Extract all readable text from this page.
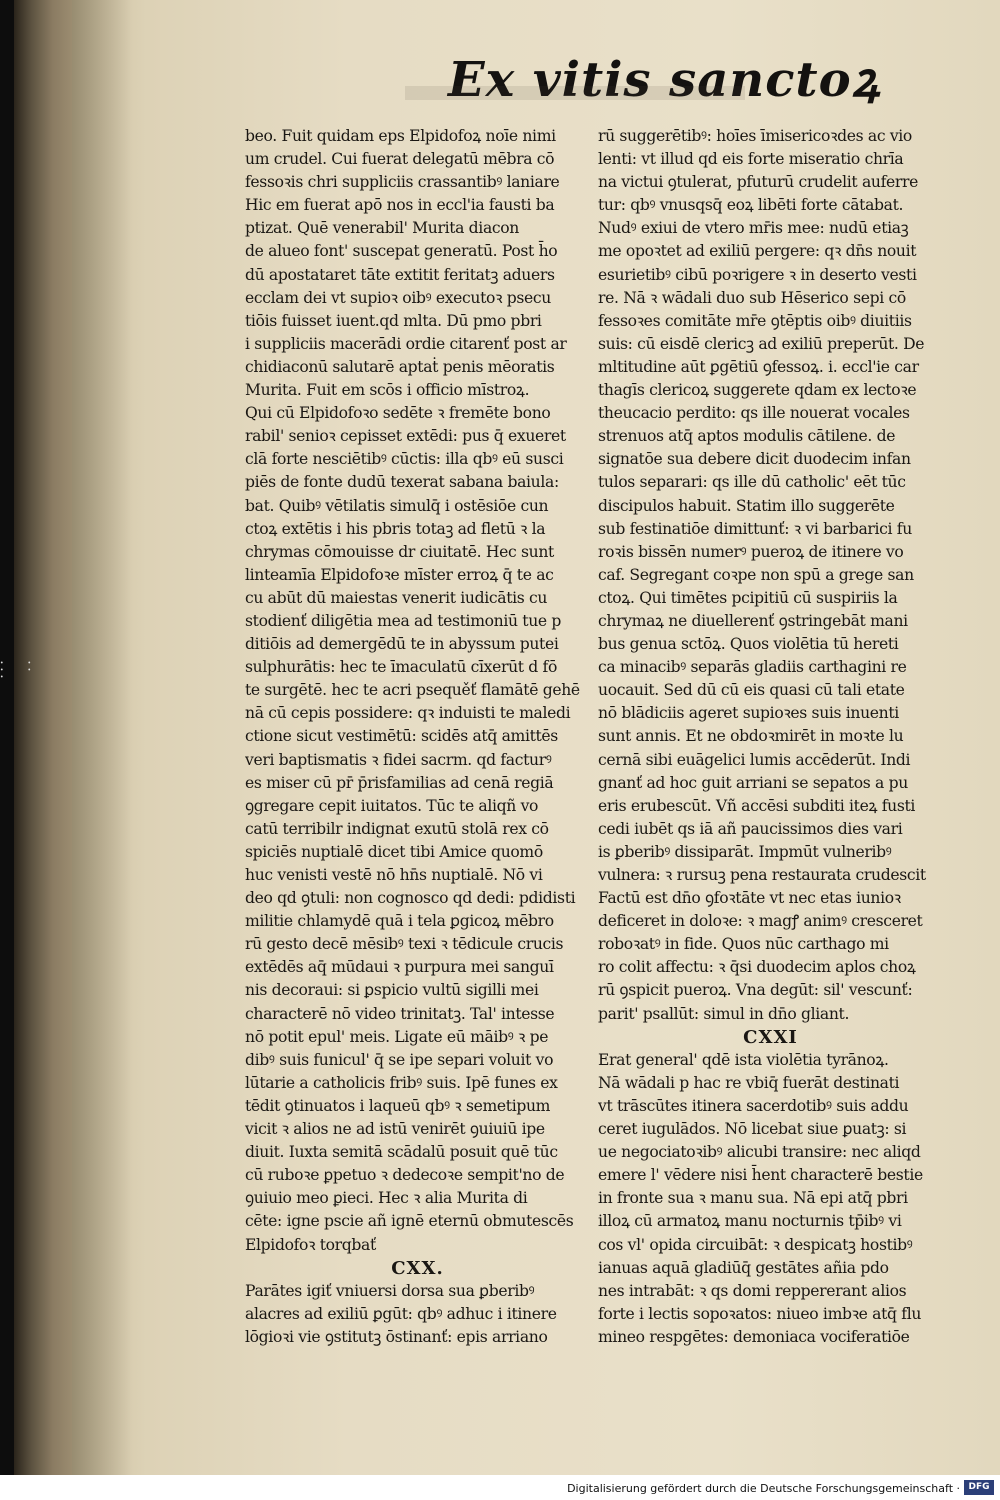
• • • • •
Ex vitis sanctoꝝ
beo. Fuit quidam eps Elpidofoꝝ noīe nimi
um crudel. Cui fuerat delegatū mēbra cō
fessoꝛis chri suppliciis crassantibꝰ laniare
Hic em fuerat apō nos in eccl'ia fausti ba
ptizat. Quē venerabil' Murita diacon
de alueo font' suscepat generatū. Post h̄o
dū apostataret tāte extitit feritatꝫ aduers
ecclam dei vt supioꝛ oibꝰ executoꝛ psecu
tiōis fuisset iuent.qd mlta. Dū pmo pbri
i suppliciis macerādi ordie citarenť post ar
chidiaconū salutarē aptaṫ penis mēoratis
Murita. Fuit em scōs i officio mīstroꝝ.
Qui cū Elpidofoꝛo sedēte ꝛ fremēte bono
rabil' senioꝛ cepisset extēdi: pus q̄ exueret
clā forte nesciētibꝰ cūctis: illa qbꝰ eū susci
piēs de fonte dudū texerat sabana baiula:
bat. Quibꝰ vētilatis simulq̄ i ostēsiōe cun
ctoꝝ extētis i his pbris totaꝫ ad fletū ꝛ la
chrymas cōmouisse dr ciuitatē. Hec sunt
linteamīa Elpidofoꝛe mīster erroꝝ q̄ te ac
cu abūt dū maiestas venerit iudicātis cu
stodienť diligētia mea ad testimoniū tue p
ditiōis ad demergēdū te in abyssum putei
sulphurātis: hec te īmaculatū cīxerūt d fō
te surgētē. hec te acri psequěť flamātē gehē
nā cū cepis possidere: qꝛ induisti te maledi
ctione sicut vestimētū: scidēs atq̄ amittēs
veri baptismatis ꝛ fidei sacrm. qd facturꝰ
es miser cū pr̄ p̄risfamilias ad cenā regiā
ꝯgregare cepit iuitatos. Tūc te aliqñ vo
catū terribilr indignat exutū stolā rex cō
spiciēs nuptialē dicet tibi Amice quomō
huc venisti vestē nō hn̄s nuptialē. Nō vi
deo qd ꝯtuli: non cognosco qd dedi: pdidisti
militie chlamydē quā i tela ꝑgicoꝝ mēbro
rū gesto decē mēsibꝰ texi ꝛ tēdicule crucis
extēdēs aq̄ mūdaui ꝛ purpura mei sanguī
nis decoraui: si ꝑspicio vultū sigilli mei
characterē nō video trinitatꝫ. Tal' intesse
nō potit epul' meis. Ligate eū māibꝰ ꝛ pe
dibꝰ suis funicul' q̄ se ipe separi voluit vo
lūtarie a catholicis fribꝰ suis. Ipē funes ex
tēdit ꝯtinuatos i laqueū qbꝰ ꝛ semetipum
vicit ꝛ alios ne ad istū venirēt ꝯuiuiū ipe
diuit. Iuxta semitā scādalū posuit quē tūc
cū ruboꝛe ꝑpetuo ꝛ dedecoꝛe sempit'no de
ꝯuiuio meo ꝑieci. Hec ꝛ alia Murita di
cēte: igne pscie añ ignē eternū obmutescēs
Elpidofoꝛ torqbať
CXX.
Parātes igiť vniuersi dorsa sua ꝑberibꝰ
alacres ad exiliū ꝑgūt: qbꝰ adhuc i itinere
lōgioꝛi vie ꝯstitutꝫ ōstinanť: epis arriano
rū suggerētibꝰ: hoīes īmisericoꝛdes ac vio
lenti: vt illud qd eis forte miseratio chrīa
na victui ꝯtulerat, pfuturū crudelit auferre
tur: qbꝰ vnusqsq̄ eoꝝ libēti forte cātabat.
Nudꝰ exiui de vtero mr̄is mee: nudū etiaꝫ
me opoꝛtet ad exiliū pergere: qꝛ dn̄s nouit
esurietibꝰ cibū poꝛrigere ꝛ in deserto vesti
re. Nā ꝛ wādali duo sub Hēserico sepi cō
fessoꝛes comitāte mr̄e ꝯtēptis oibꝰ diuitiis
suis: cū eisdē clericꝫ ad exiliū preperūt. De
mltitudine aūt ꝑgētiū ꝯfessoꝝ. i. eccl'ie car
thagīs clericoꝝ suggerete qdam ex lectoꝛe
theucacio perdito: qs ille nouerat vocales
strenuos atq̄ aptos modulis cātilene. de
signatōe sua debere dicit duodecim infan
tulos separari: qs ille dū catholic' eēt tūc
discipulos habuit. Statim illo suggerēte
sub festinatiōe dimittunť: ꝛ vi barbarici fu
roꝛis bissēn numerꝰ pueroꝝ de itinere vo
caf. Segregant coꝛpe non spū a grege san
ctoꝝ. Qui timētes pcipitiū cū suspiriis la
chrymaꝝ ne diuellerenť ꝯstringebāt mani
bus genua sctōꝝ. Quos violētia tū hereti
ca minacibꝰ separās gladiis carthagini re
uocauit. Sed dū cū eis quasi cū tali etate
nō blādiciis ageret supioꝛes suis inuenti
sunt annis. Et ne obdoꝛmirēt in moꝛte lu
cernā sibi euāgelici lumis accēderūt. Indi
gnanť ad hoc guit arriani se sepatos a pu
eris erubescūt. Vñ accēsi subditi iteꝝ fusti
cedi iubēt qs iā añ paucissimos dies vari
is ꝑberibꝰ dissiparāt. Impmūt vulneribꝰ
vulnera: ꝛ rursuꝫ pena restaurata crudescit
Factū est dn̄o ꝯfoꝛtāte vt nec etas iunioꝛ
deficeret in doloꝛe: ꝛ magꝭ animꝰ cresceret
roboꝛatꝰ in fide. Quos nūc carthago mi
ro colit affectu: ꝛ q̄si duodecim aplos choꝝ
rū ꝯspicit pueroꝝ. Vna degūt: sil' vescunť:
parit' psallūt: simul in dn̄o gliant.
CXXI
Erat general' qdē ista violētia tyrānoꝝ.
Nā wādali p hac re vbiq̄ fuerāt destinati
vt trāscūtes itinera sacerdotibꝰ suis addu
ceret iugulādos. Nō licebat siue ꝑuatꝫ: si
ue negociatoꝛibꝰ alicubi transire: nec aliqd
emere l' vēdere nisi h̄ent characterē bestie
in fronte sua ꝛ manu sua. Nā epi atq̄ pbri
illoꝝ cū armatoꝝ manu nocturnis tp̄ibꝰ vi
cos vl' opida circuibāt: ꝛ despicatꝫ hostibꝰ
ianuas aquā gladiūq̄ gestātes añia pdo
nes intrabāt: ꝛ qs domi reppererant alios
forte i lectis sopoꝛatos: niueo imbꝛe atq̄ flu
mineo respgētes: demoniaca vociferatiōe
Digitalisierung gefördert durch die Deutsche Forschungsgemeinschaft · DFG
